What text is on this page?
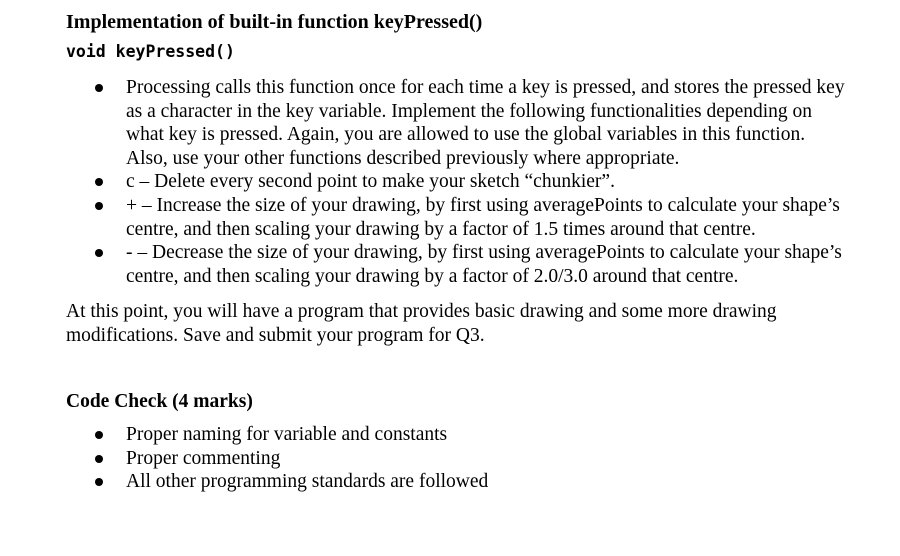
Implementation of built-in function keyPressed()
void keyPressed()
Processing calls this function once for each time a key is pressed, and stores the pressed key as a character in the key variable. Implement the following functionalities depending on what key is pressed. Again, you are allowed to use the global variables in this function. Also, use your other functions described previously where appropriate.
c – Delete every second point to make your sketch “chunkier”.
+ – Increase the size of your drawing, by first using averagePoints to calculate your shape’s centre, and then scaling your drawing by a factor of 1.5 times around that centre.
- – Decrease the size of your drawing, by first using averagePoints to calculate your shape’s centre, and then scaling your drawing by a factor of 2.0/3.0 around that centre.
At this point, you will have a program that provides basic drawing and some more drawing modifications. Save and submit your program for Q3.
Code Check (4 marks)
Proper naming for variable and constants
Proper commenting
All other programming standards are followed
